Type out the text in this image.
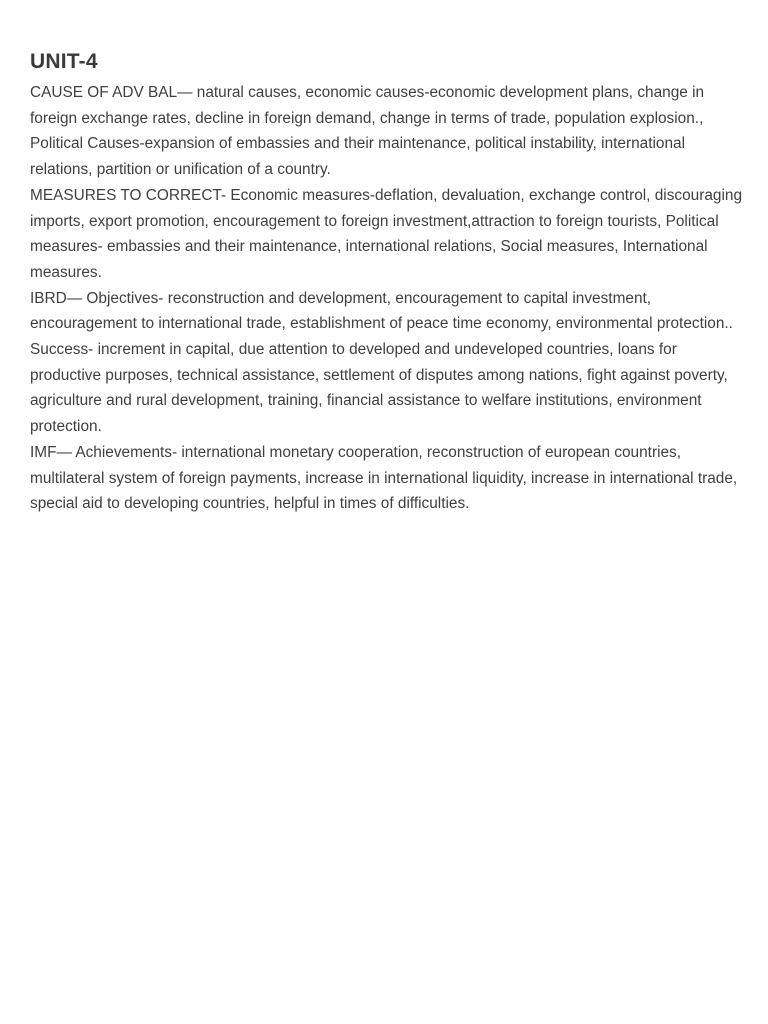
UNIT-4

CAUSE OF ADV BAL— natural causes, economic causes-economic development plans, change in foreign exchange rates, decline in foreign demand, change in terms of trade, population explosion., Political Causes-expansion of embassies and their maintenance, political instability, international relations, partition or unification of a country.

MEASURES TO CORRECT- Economic measures-deflation, devaluation, exchange control, discouraging imports, export promotion, encouragement to foreign investment,attraction to foreign tourists, Political measures- embassies and their maintenance, international relations, Social measures, International measures.

IBRD— Objectives- reconstruction and development, encouragement to capital investment, encouragement to international trade, establishment of peace time economy, environmental protection.. Success- increment in capital, due attention to developed and undeveloped countries, loans for productive purposes, technical assistance, settlement of disputes among nations, fight against poverty, agriculture and rural development, training, financial assistance to welfare institutions, environment protection.

IMF— Achievements- international monetary cooperation, reconstruction of european countries, multilateral system of foreign payments, increase in international liquidity, increase in international trade, special aid to developing countries, helpful in times of difficulties.
